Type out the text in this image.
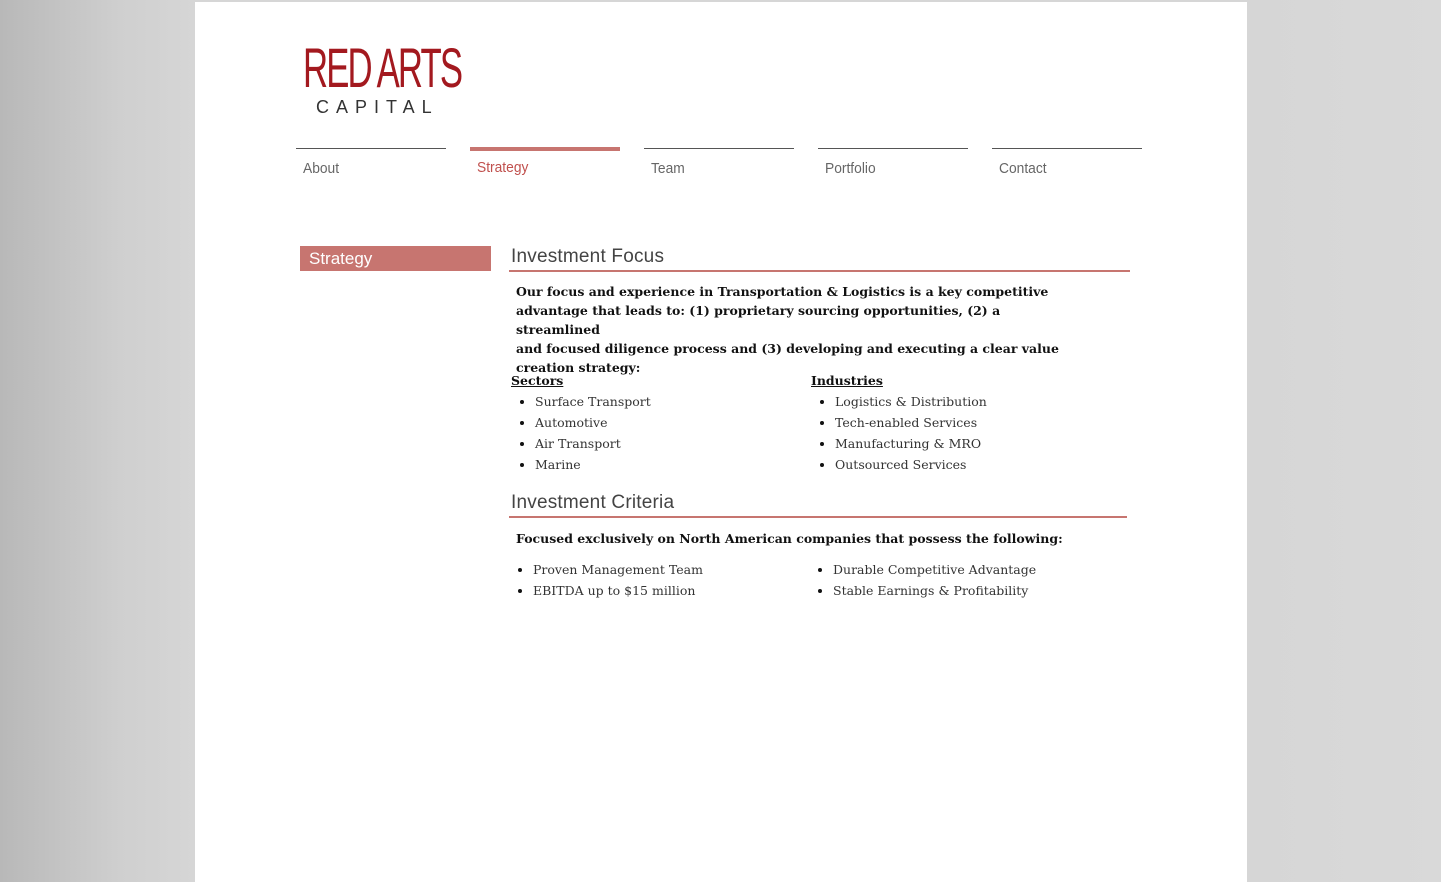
RED ARTS
CAPITAL
About	Strategy	Team	Portfolio	Contact
Strategy	Investment Focus

Our focus and experience in Transportation & Logistics is a key competitive
advantage that leads to: (1) proprietary sourcing opportunities, (2) a streamlined
and focused diligence process and (3) developing and executing a clear value
creation strategy:

Sectors
Surface Transport
Automotive
Air Transport
Marine
Industries
Logistics & Distribution
Tech-enabled Services
Manufacturing & MRO
Outsourced Services
Investment Criteria

Focused exclusively on North American companies that possess the following:

Proven Management Team
EBITDA up to $15 million
Durable Competitive Advantage
Stable Earnings & Profitability
